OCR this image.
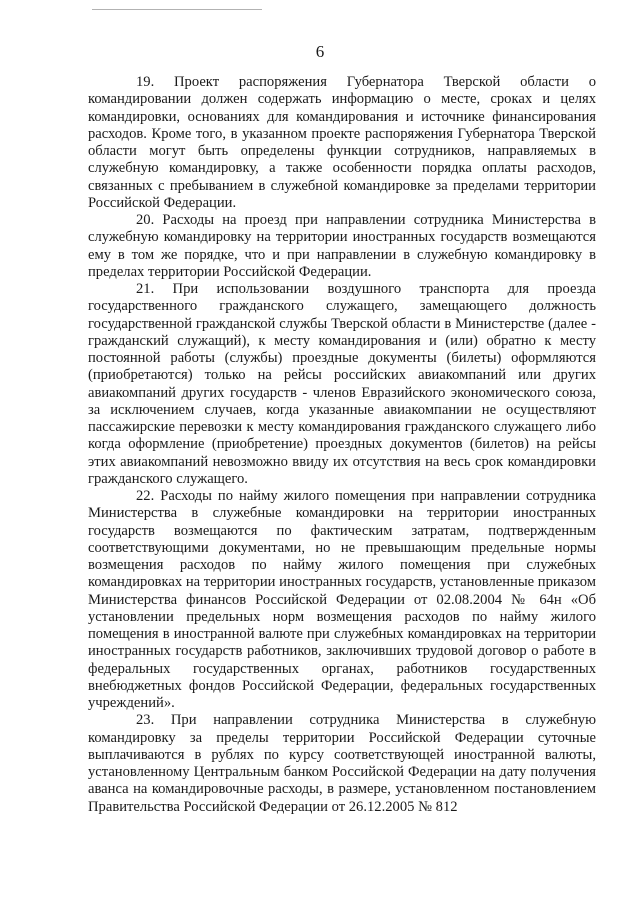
6

19. Проект распоряжения Губернатора Тверской области о командировании должен содержать информацию о месте, сроках и целях командировки, основаниях для командирования и источнике финансирования расходов. Кроме того, в указанном проекте распоряжения Губернатора Тверской области могут быть определены функции сотрудников, направляемых в служебную командировку, а также особенности порядка оплаты расходов, связанных с пребыванием в служебной командировке за пределами территории Российской Федерации.

20. Расходы на проезд при направлении сотрудника Министерства в служебную командировку на территории иностранных государств возмещаются ему в том же порядке, что и при направлении в служебную командировку в пределах территории Российской Федерации.

21. При использовании воздушного транспорта для проезда государственного гражданского служащего, замещающего должность государственной гражданской службы Тверской области в Министерстве (далее - гражданский служащий), к месту командирования и (или) обратно к месту постоянной работы (службы) проездные документы (билеты) оформляются (приобретаются) только на рейсы российских авиакомпаний или других авиакомпаний других государств - членов Евразийского экономического союза, за исключением случаев, когда указанные авиакомпании не осуществляют пассажирские перевозки к месту командирования гражданского служащего либо когда оформление (приобретение) проездных документов (билетов) на рейсы этих авиакомпаний невозможно ввиду их отсутствия на весь срок командировки гражданского служащего.

22. Расходы по найму жилого помещения при направлении сотрудника Министерства в служебные командировки на территории иностранных государств возмещаются по фактическим затратам, подтвержденным соответствующими документами, но не превышающим предельные нормы возмещения расходов по найму жилого помещения при служебных командировках на территории иностранных государств, установленные приказом Министерства финансов Российской Федерации от 02.08.2004 № 64н «Об установлении предельных норм возмещения расходов по найму жилого помещения в иностранной валюте при служебных командировках на территории иностранных государств работников, заключивших трудовой договор о работе в федеральных государственных органах, работников государственных внебюджетных фондов Российской Федерации, федеральных государственных учреждений».

23. При направлении сотрудника Министерства в служебную командировку за пределы территории Российской Федерации суточные выплачиваются в рублях по курсу соответствующей иностранной валюты, установленному Центральным банком Российской Федерации на дату получения аванса на командировочные расходы, в размере, установленном постановлением Правительства Российской Федерации от 26.12.2005 № 812
